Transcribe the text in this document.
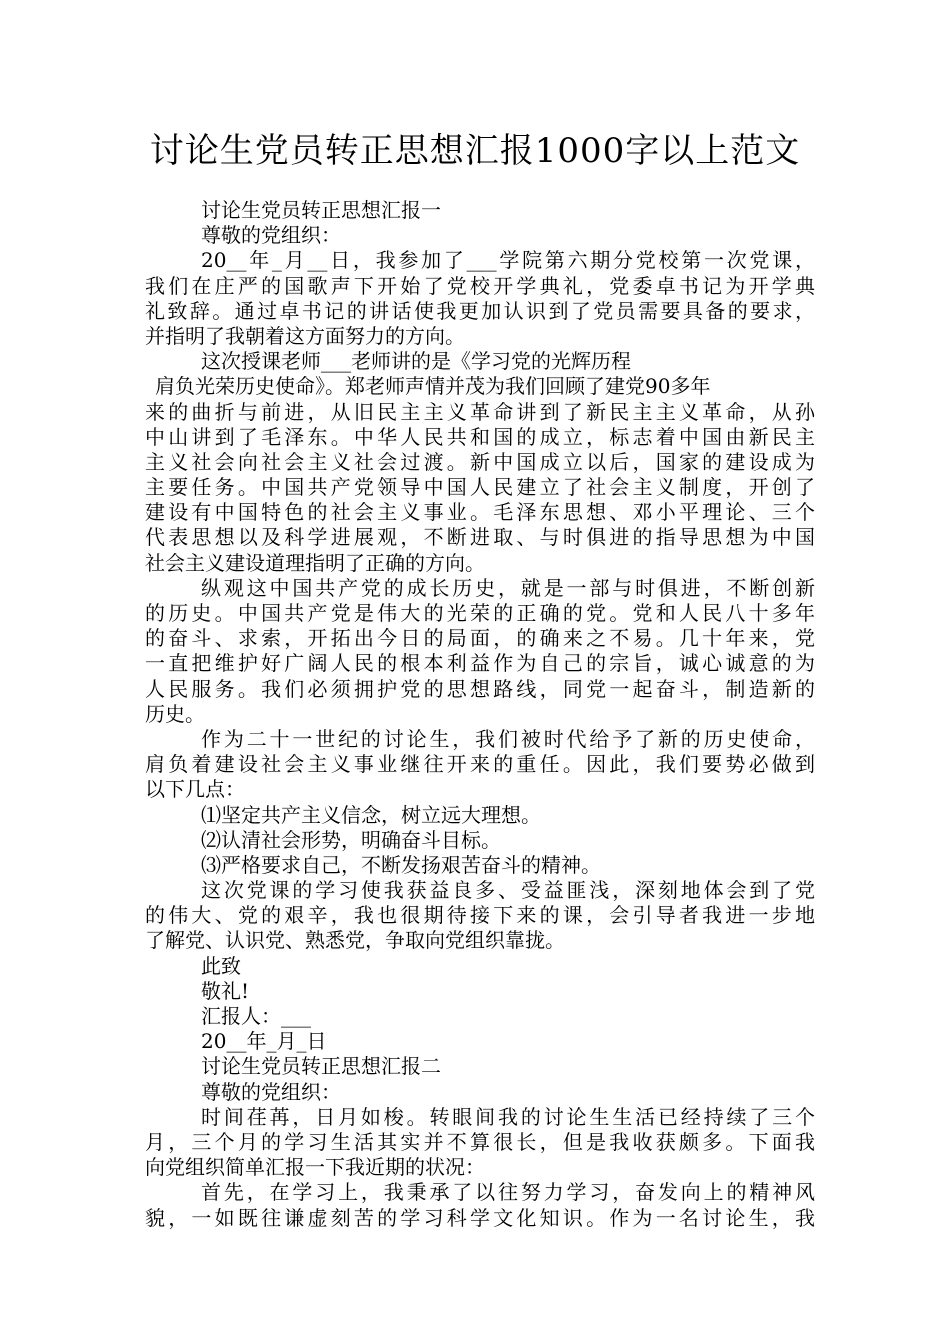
讨论生党员转正思想汇报1000字以上范文
讨论生党员转正思想汇报一
尊敬的党组织：
20__年_月__日，我参加了___学院第六期分党校第一次党课，
我们在庄严的国歌声下开始了党校开学典礼，党委卓书记为开学典
礼致辞。通过卓书记的讲话使我更加认识到了党员需要具备的要求，
并指明了我朝着这方面努力的方向。
这次授课老师___老师讲的是《学习党的光辉历程
肩负光荣历史使命》。郑老师声情并茂为我们回顾了建党90多年
来的曲折与前进，从旧民主主义革命讲到了新民主主义革命，从孙
中山讲到了毛泽东。中华人民共和国的成立，标志着中国由新民主
主义社会向社会主义社会过渡。新中国成立以后，国家的建设成为
主要任务。中国共产党领导中国人民建立了社会主义制度，开创了
建设有中国特色的社会主义事业。毛泽东思想、邓小平理论、三个
代表思想以及科学进展观，不断进取、与时俱进的指导思想为中国
社会主义建设道理指明了正确的方向。
纵观这中国共产党的成长历史，就是一部与时俱进，不断创新
的历史。中国共产党是伟大的光荣的正确的党。党和人民八十多年
的奋斗、求索，开拓出今日的局面，的确来之不易。几十年来，党
一直把维护好广阔人民的根本利益作为自己的宗旨，诚心诚意的为
人民服务。我们必须拥护党的思想路线，同党一起奋斗，制造新的
历史。
作为二十一世纪的讨论生，我们被时代给予了新的历史使命，
肩负着建设社会主义事业继往开来的重任。因此，我们要势必做到
以下几点：
⑴坚定共产主义信念，树立远大理想。
⑵认清社会形势，明确奋斗目标。
⑶严格要求自己，不断发扬艰苦奋斗的精神。
这次党课的学习使我获益良多、受益匪浅，深刻地体会到了党
的伟大、党的艰辛，我也很期待接下来的课，会引导者我进一步地
了解党、认识党、熟悉党，争取向党组织靠拢。
此致
敬礼!
汇报人：___
20__年_月_日
讨论生党员转正思想汇报二
尊敬的党组织：
时间荏苒，日月如梭。转眼间我的讨论生生活已经持续了三个
月，三个月的学习生活其实并不算很长，但是我收获颇多。下面我
向党组织简单汇报一下我近期的状况：
首先，在学习上，我秉承了以往努力学习，奋发向上的精神风
貌，一如既往谦虚刻苦的学习科学文化知识。作为一名讨论生，我
